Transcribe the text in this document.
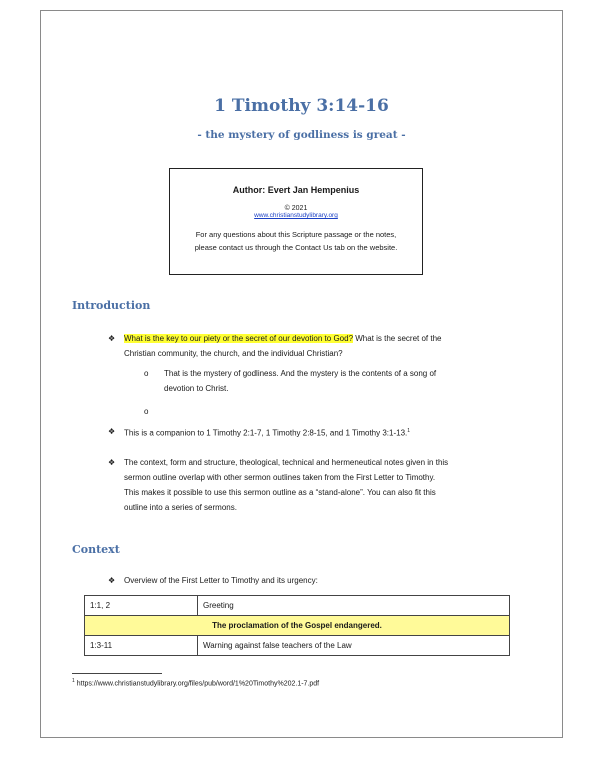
1 Timothy 3:14-16
- the mystery of godliness is great -
Author: Evert Jan Hempenius
© 2021
www.christianstudylibrary.org
For any questions about this Scripture passage or the notes,
please contact us through the Contact Us tab on the website.
Introduction
❖ What is the key to our piety or the secret of our devotion to God? What is the secret of the
Christian community, the church, and the individual Christian?
o That is the mystery of godliness. And the mystery is the contents of a song of
devotion to Christ.
o
❖ This is a companion to 1 Timothy 2:1-7, 1 Timothy 2:8-15, and 1 Timothy 3:1-13.$^1$
❖ The context, form and structure, theological, technical and hermeneutical notes given in this
sermon outline overlap with other sermon outlines taken from the First Letter to Timothy.
This makes it possible to use this sermon outline as a “stand-alone”. You can also fit this
outline into a series of sermons.
Context
❖ Overview of the First Letter to Timothy and its urgency:
1:1, 2	Greeting
The proclamation of the Gospel endangered.	
1:3-11	Warning against false teachers of the Law
$^1$ https://www.christianstudylibrary.org/files/pub/word/1%20Timothy%202.1-7.pdf
